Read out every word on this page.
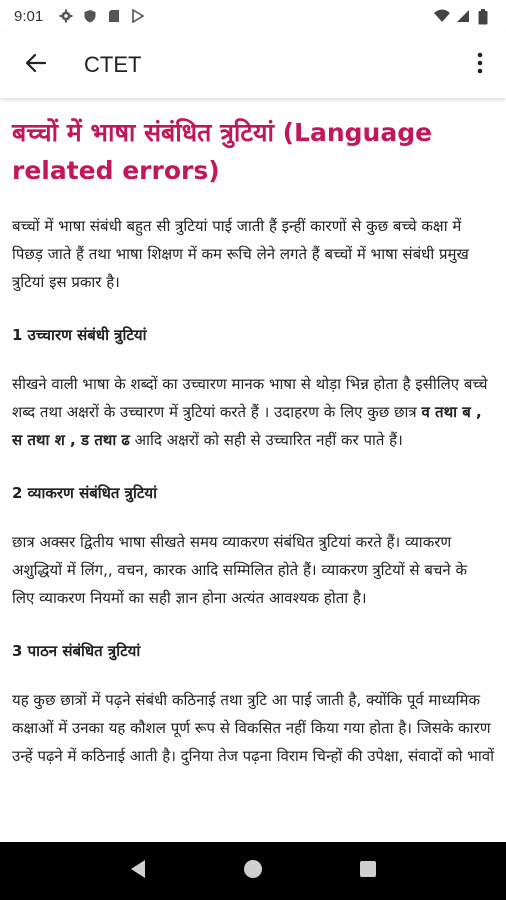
9:01
CTET
बच्चों में भाषा संबंधित त्रुटियां (Language related errors)

बच्चों में भाषा संबंधी बहुत सी त्रुटियां पाई जाती हैं इन्हीं कारणों से कुछ बच्चे कक्षा में पिछड़ जाते हैं तथा भाषा शिक्षण में कम रूचि लेने लगते हैं बच्चों में भाषा संबंधी प्रमुख त्रुटियां इस प्रकार है।

1 उच्चारण संबंधी त्रुटियां

सीखने वाली भाषा के शब्दों का उच्चारण मानक भाषा से थोड़ा भिन्न होता है इसीलिए बच्चे शब्द तथा अक्षरों के उच्चारण में त्रुटियां करते हैं । उदाहरण के लिए कुछ छात्र व तथा ब , स तथा श , ड तथा ढ आदि अक्षरों को सही से उच्चारित नहीं कर पाते हैं।

2 व्याकरण संबंधित त्रुटियां

छात्र अक्सर द्वितीय भाषा सीखते समय व्याकरण संबंधित त्रुटियां करते हैं। व्याकरण अशुद्धियों में लिंग,, वचन, कारक आदि सम्मिलित होते हैं। व्याकरण त्रुटियों से बचने के लिए व्याकरण नियमों का सही ज्ञान होना अत्यंत आवश्यक होता है।

3 पाठन संबंधित त्रुटियां

यह कुछ छात्रों में पढ़ने संबंधी कठिनाई तथा त्रुटि आ पाई जाती है, क्योंकि पूर्व माध्यमिक कक्षाओं में उनका यह कौशल पूर्ण रूप से विकसित नहीं किया गया होता है। जिसके कारण उन्हें पढ़ने में कठिनाई आती है। दुनिया तेज पढ़ना विराम चिन्हों की उपेक्षा, संवादों को भावों
